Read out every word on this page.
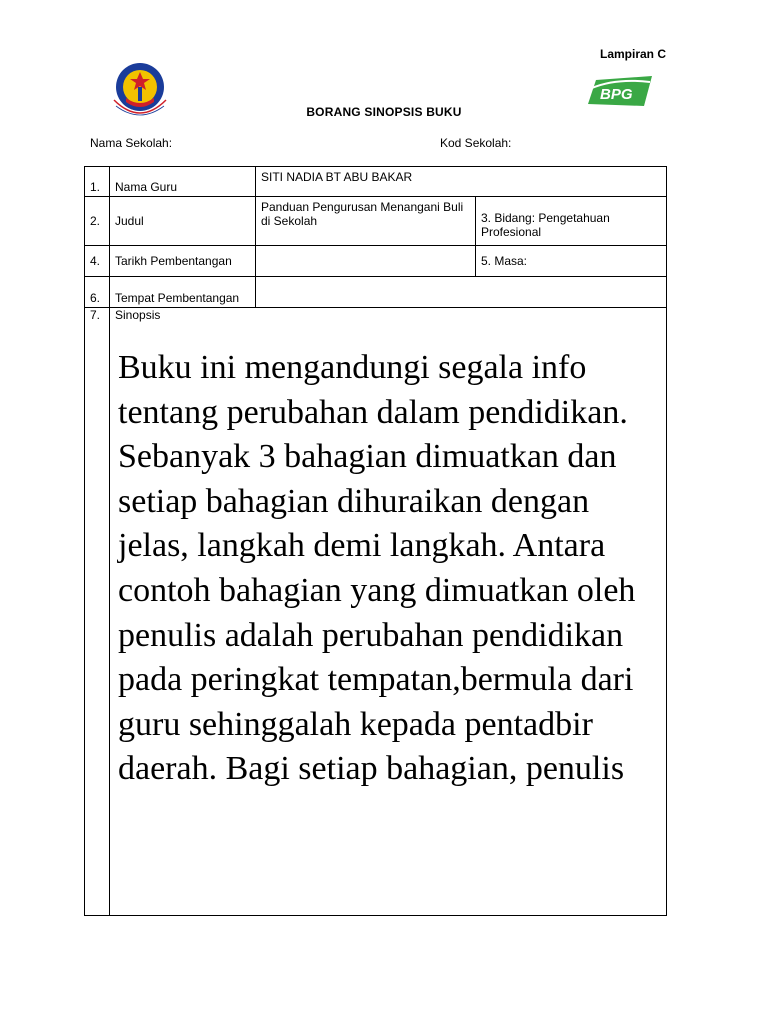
Lampiran C
BPG
BORANG SINOPSIS BUKU
Nama Sekolah:	Kod Sekolah:
1.	Nama Guru	SITI NADIA BT ABU BAKAR	
2.	Judul	Panduan Pengurusan Menangani Buli di Sekolah	3. Bidang: Pengetahuan Profesional
4.	Tarikh Pembentangan		5. Masa:
6.	Tempat Pembentangan		
7.	Sinopsis
Buku ini mengandungi segala info tentang perubahan dalam pendidikan. Sebanyak 3 bahagian dimuatkan dan setiap bahagian dihuraikan dengan jelas, langkah demi langkah. Antara contoh bahagian yang dimuatkan oleh penulis adalah perubahan pendidikan pada peringkat tempatan,bermula dari guru sehinggalah kepada pentadbir daerah. Bagi setiap bahagian, penulis		
